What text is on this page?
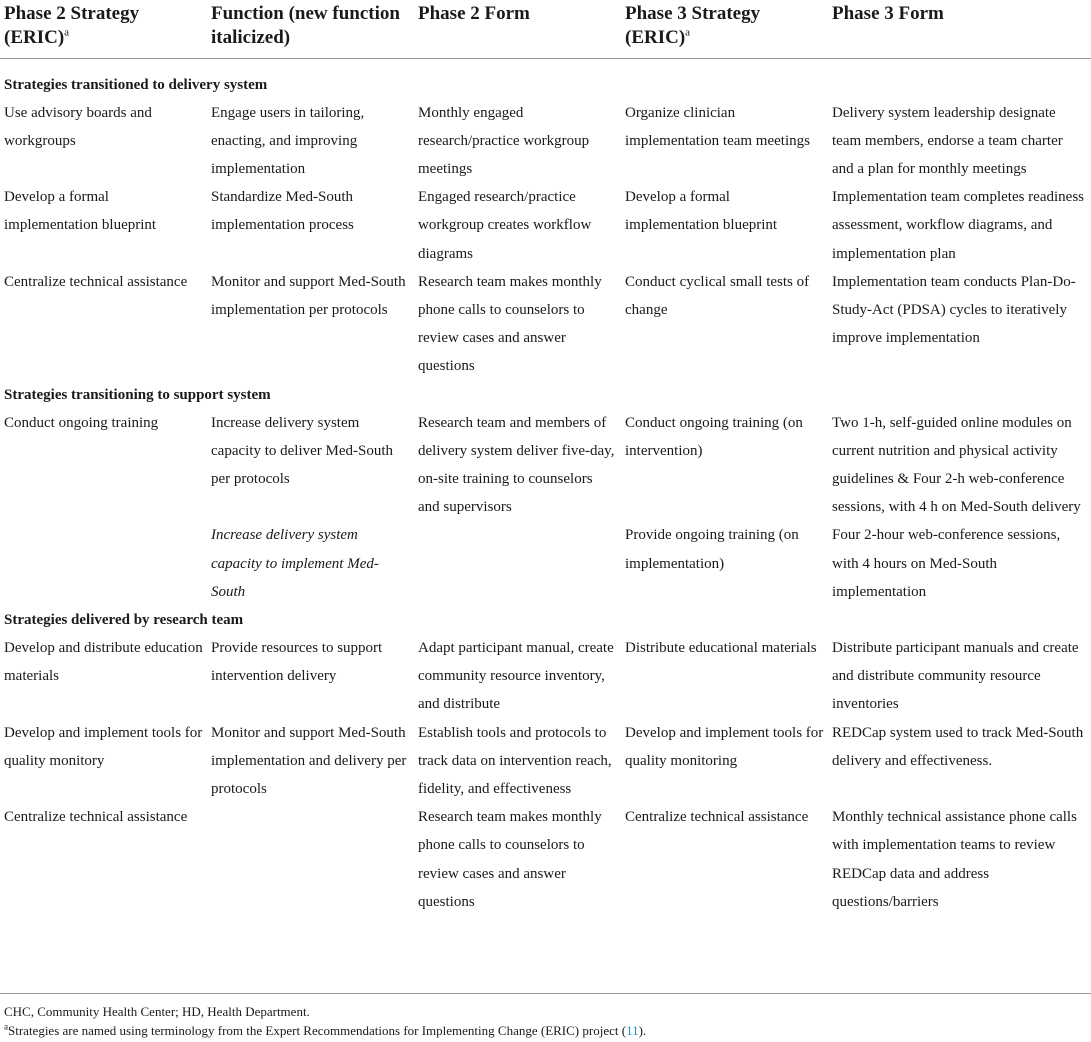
Phase 2 Strategy (ERIC)$^a$	Function (new function italicized)	Phase 2 Form	Phase 3 Strategy (ERIC)$^a$	Phase 3 Form

Strategies transitioned to delivery system				
Use advisory boards and workgroups	Engage users in tailoring, enacting, and improving implementation	Monthly engaged research/practice workgroup meetings	Organize clinician implementation team meetings	Delivery system leadership designate team members, endorse a team charter and a plan for monthly meetings
Develop a formal implementation blueprint	Standardize Med-South implementation process	Engaged research/practice workgroup creates workflow diagrams	Develop a formal implementation blueprint	Implementation team completes readiness assessment, workflow diagrams, and implementation plan
Centralize technical assistance	Monitor and support Med-South implementation per protocols	Research team makes monthly phone calls to counselors to review cases and answer questions	Conduct cyclical small tests of change	Implementation team conducts Plan-Do-Study-Act (PDSA) cycles to iteratively improve implementation
Strategies transitioning to support system				
Conduct ongoing training	Increase delivery system capacity to deliver Med-South per protocols	Research team and members of delivery system deliver five-day, on-site training to counselors and supervisors	Conduct ongoing training (on intervention)	Two 1-h, self-guided online modules on current nutrition and physical activity guidelines & Four 2-h web-conference sessions, with 4 h on Med-South delivery
	Increase delivery system capacity to implement Med-South		Provide ongoing training (on implementation)	Four 2-hour web-conference sessions, with 4 hours on Med-South implementation
Strategies delivered by research team				
Develop and distribute education materials	Provide resources to support intervention delivery	Adapt participant manual, create community resource inventory, and distribute	Distribute educational materials	Distribute participant manuals and create and distribute community resource inventories
Develop and implement tools for quality monitory	Monitor and support Med-South implementation and delivery per protocols	Establish tools and protocols to track data on intervention reach, fidelity, and effectiveness	Develop and implement tools for quality monitoring	REDCap system used to track Med-South delivery and effectiveness.
Centralize technical assistance		Research team makes monthly phone calls to counselors to review cases and answer questions	Centralize technical assistance	Monthly technical assistance phone calls with implementation teams to review REDCap data and address questions/barriers
CHC, Community Health Center; HD, Health Department.
$^a$Strategies are named using terminology from the Expert Recommendations for Implementing Change (ERIC) project (11).
